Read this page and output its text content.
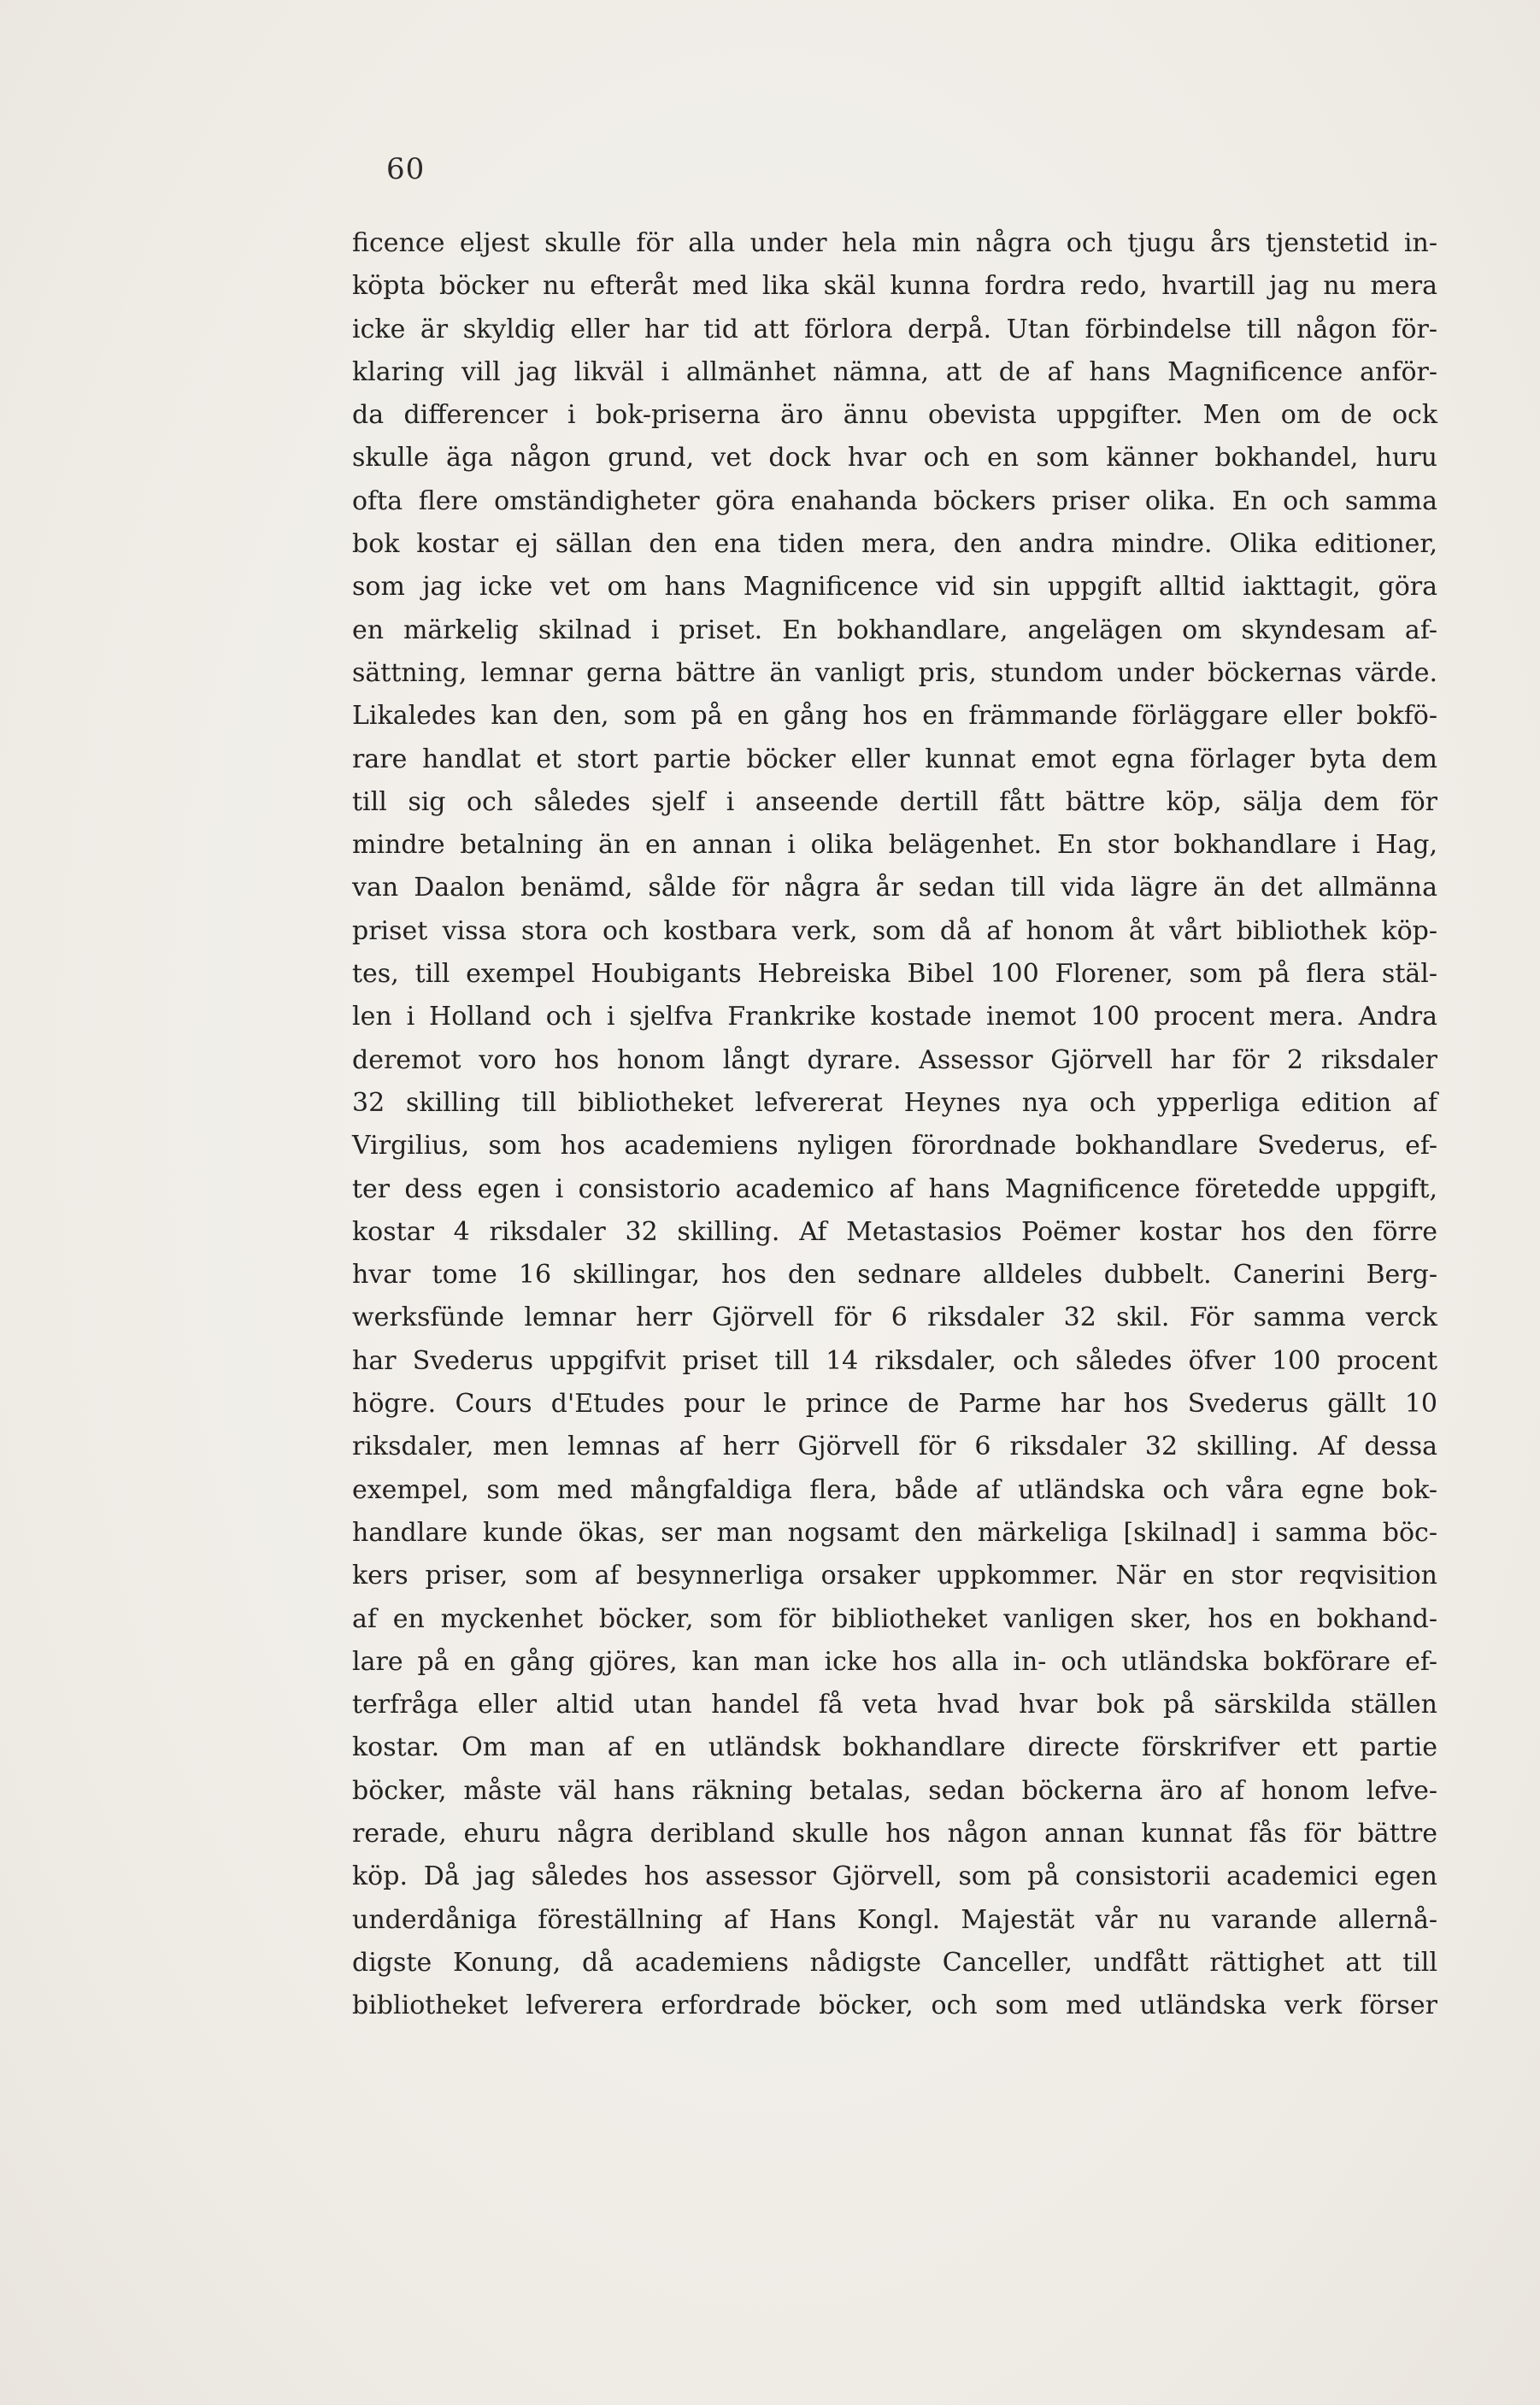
60
ficence eljest skulle för alla under hela min några och tjugu års tjenstetid in-
köpta böcker nu efteråt med lika skäl kunna fordra redo, hvartill jag nu mera
icke är skyldig eller har tid att förlora derpå. Utan förbindelse till någon för-
klaring vill jag likväl i allmänhet nämna, att de af hans Magnificence anför-
da differencer i bok-priserna äro ännu obevista uppgifter. Men om de ock
skulle äga någon grund, vet dock hvar och en som känner bokhandel, huru
ofta flere omständigheter göra enahanda böckers priser olika. En och samma
bok kostar ej sällan den ena tiden mera, den andra mindre. Olika editioner,
som jag icke vet om hans Magnificence vid sin uppgift alltid iakttagit, göra
en märkelig skilnad i priset. En bokhandlare, angelägen om skyndesam af-
sättning, lemnar gerna bättre än vanligt pris, stundom under böckernas värde.
Likaledes kan den, som på en gång hos en främmande förläggare eller bokfö-
rare handlat et stort partie böcker eller kunnat emot egna förlager byta dem
till sig och således sjelf i anseende dertill fått bättre köp, sälja dem för
mindre betalning än en annan i olika belägenhet. En stor bokhandlare i Hag,
van Daalon benämd, sålde för några år sedan till vida lägre än det allmänna
priset vissa stora och kostbara verk, som då af honom åt vårt bibliothek köp-
tes, till exempel Houbigants Hebreiska Bibel 100 Florener, som på flera stäl-
len i Holland och i sjelfva Frankrike kostade inemot 100 procent mera. Andra
deremot voro hos honom långt dyrare. Assessor Gjörvell har för 2 riksdaler
32 skilling till bibliotheket lefvererat Heynes nya och ypperliga edition af
Virgilius, som hos academiens nyligen förordnade bokhandlare Svederus, ef-
ter dess egen i consistorio academico af hans Magnificence företedde uppgift,
kostar 4 riksdaler 32 skilling. Af Metastasios Poëmer kostar hos den förre
hvar tome 16 skillingar, hos den sednare alldeles dubbelt. Canerini Berg-
werksfünde lemnar herr Gjörvell för 6 riksdaler 32 skil. För samma verck
har Svederus uppgifvit priset till 14 riksdaler, och således öfver 100 procent
högre. Cours d'Etudes pour le prince de Parme har hos Svederus gällt 10
riksdaler, men lemnas af herr Gjörvell för 6 riksdaler 32 skilling. Af dessa
exempel, som med mångfaldiga flera, både af utländska och våra egne bok-
handlare kunde ökas, ser man nogsamt den märkeliga [skilnad] i samma böc-
kers priser, som af besynnerliga orsaker uppkommer. När en stor reqvisition
af en myckenhet böcker, som för bibliotheket vanligen sker, hos en bokhand-
lare på en gång gjöres, kan man icke hos alla in- och utländska bokförare ef-
terfråga eller altid utan handel få veta hvad hvar bok på särskilda ställen
kostar. Om man af en utländsk bokhandlare directe förskrifver ett partie
böcker, måste väl hans räkning betalas, sedan böckerna äro af honom lefve-
rerade, ehuru några deribland skulle hos någon annan kunnat fås för bättre
köp. Då jag således hos assessor Gjörvell, som på consistorii academici egen
underdåniga föreställning af Hans Kongl. Majestät vår nu varande allernå-
digste Konung, då academiens nådigste Canceller, undfått rättighet att till
bibliotheket lefverera erfordrade böcker, och som med utländska verk förser
